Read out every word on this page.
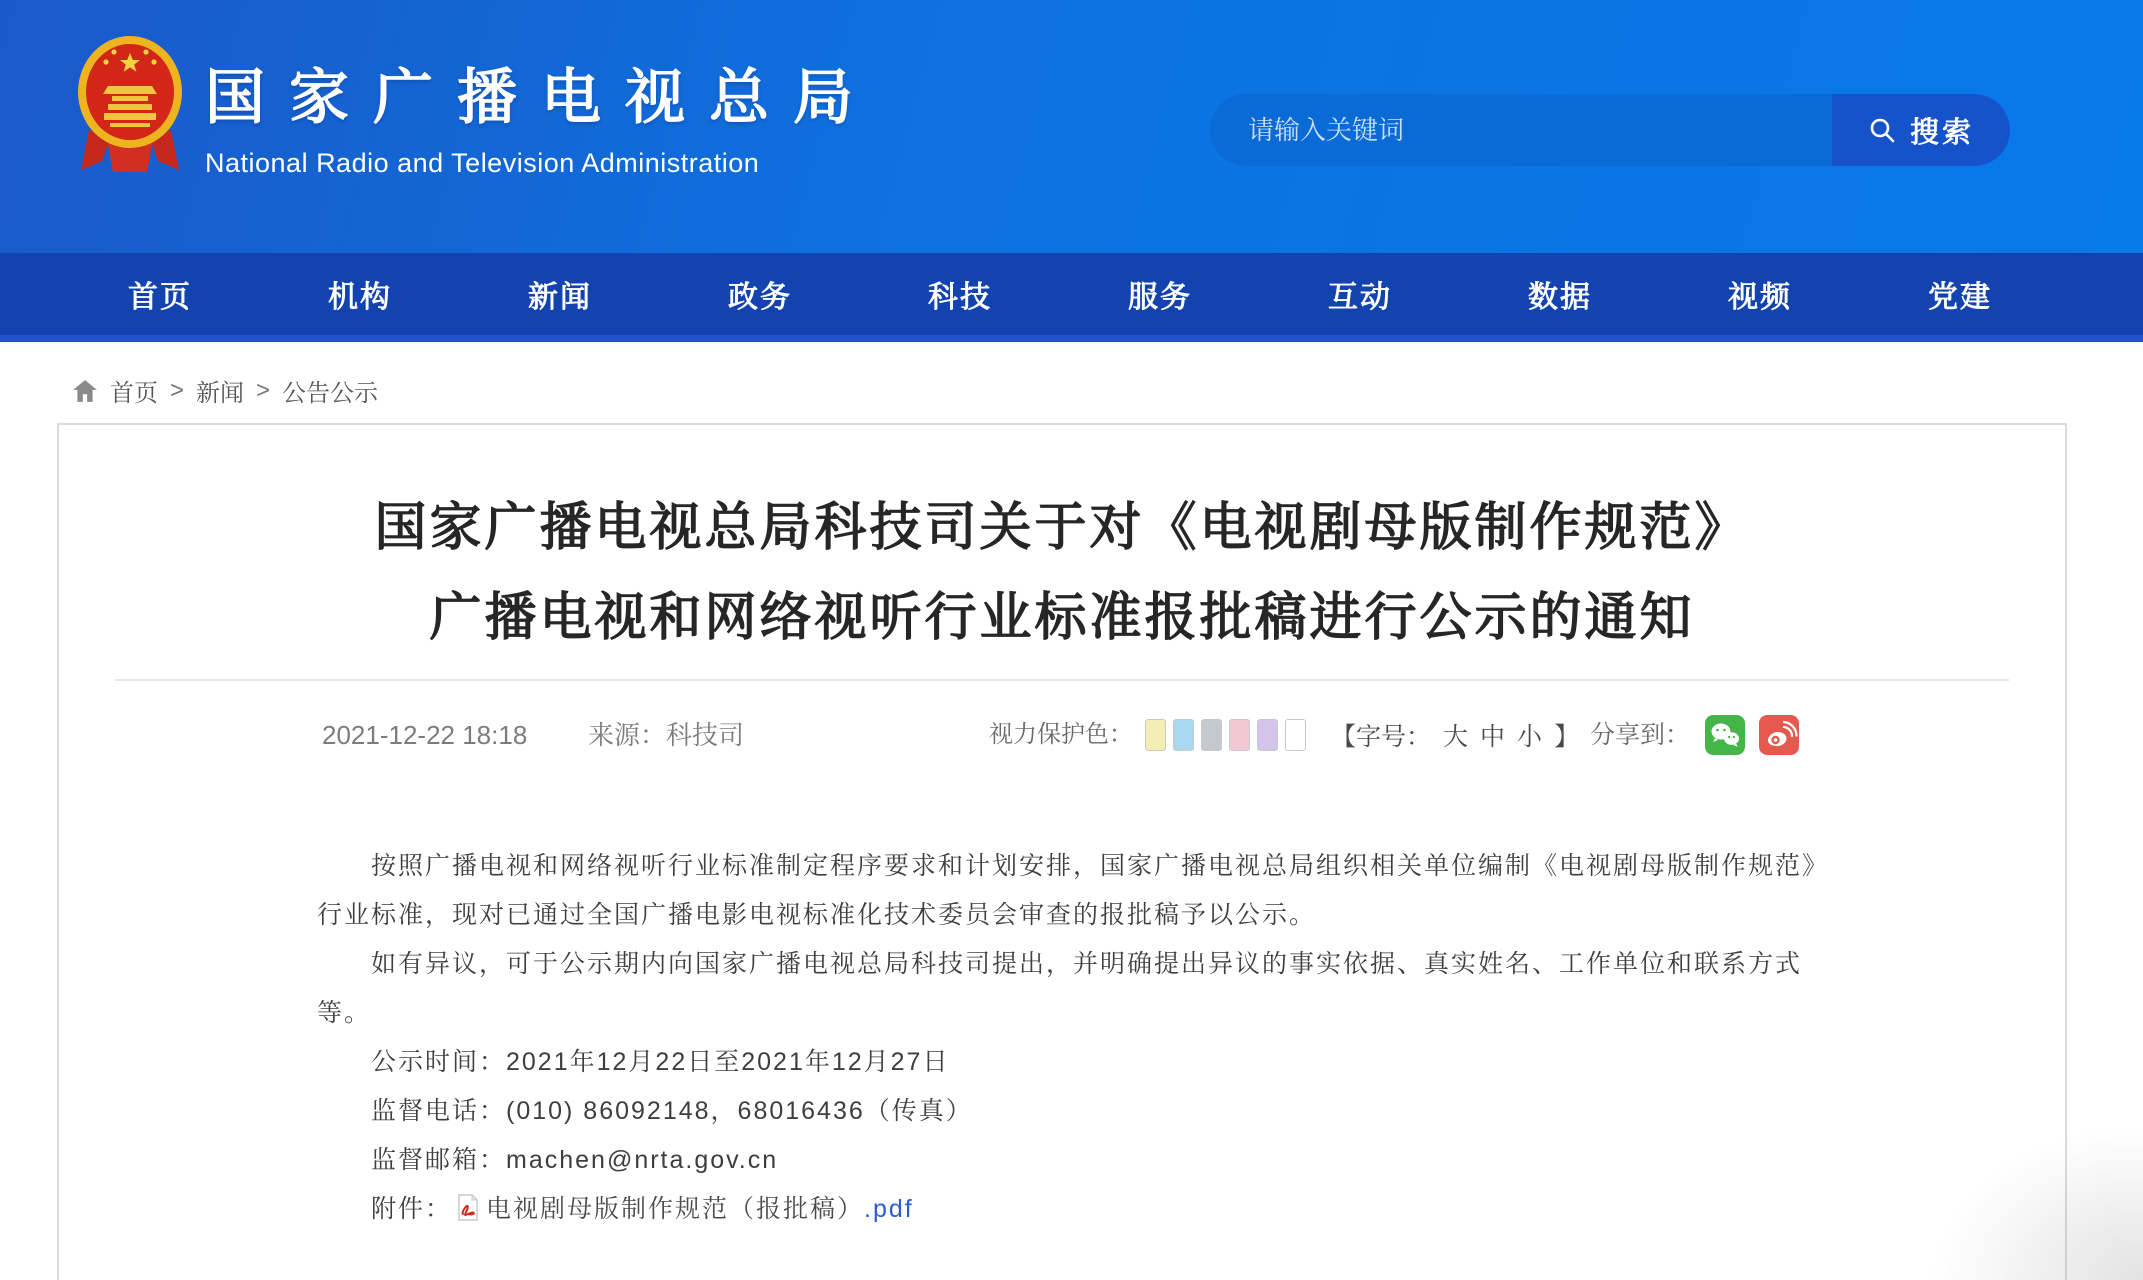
国家广播电视总局
National Radio and Television Administration
请输入关键词
搜索
首页	机构	新闻	政务	科技	服务	互动	数据	视频	党建
首页 > 新闻 > 公告公示
国家广播电视总局科技司关于对《电视剧母版制作规范》
广播电视和网络视听行业标准报批稿进行公示的通知
2021-12-22 18:18 来源：科技司	视力保护色：	【字号： 大 中 小 】 分享到：

按照广播电视和网络视听行业标准制定程序要求和计划安排，国家广播电视总局组织相关单位编制《电视剧母版制作规范》行业标准，现对已通过全国广播电影电视标准化技术委员会审查的报批稿予以公示。

如有异议，可于公示期内向国家广播电视总局科技司提出，并明确提出异议的事实依据、真实姓名、工作单位和联系方式等。

公示时间：2021年12月22日至2021年12月27日

监督电话：(010) 86092148，68016436（传真）

监督邮箱：machen@nrta.gov.cn

附件： 电视剧母版制作规范（报批稿）.pdf
